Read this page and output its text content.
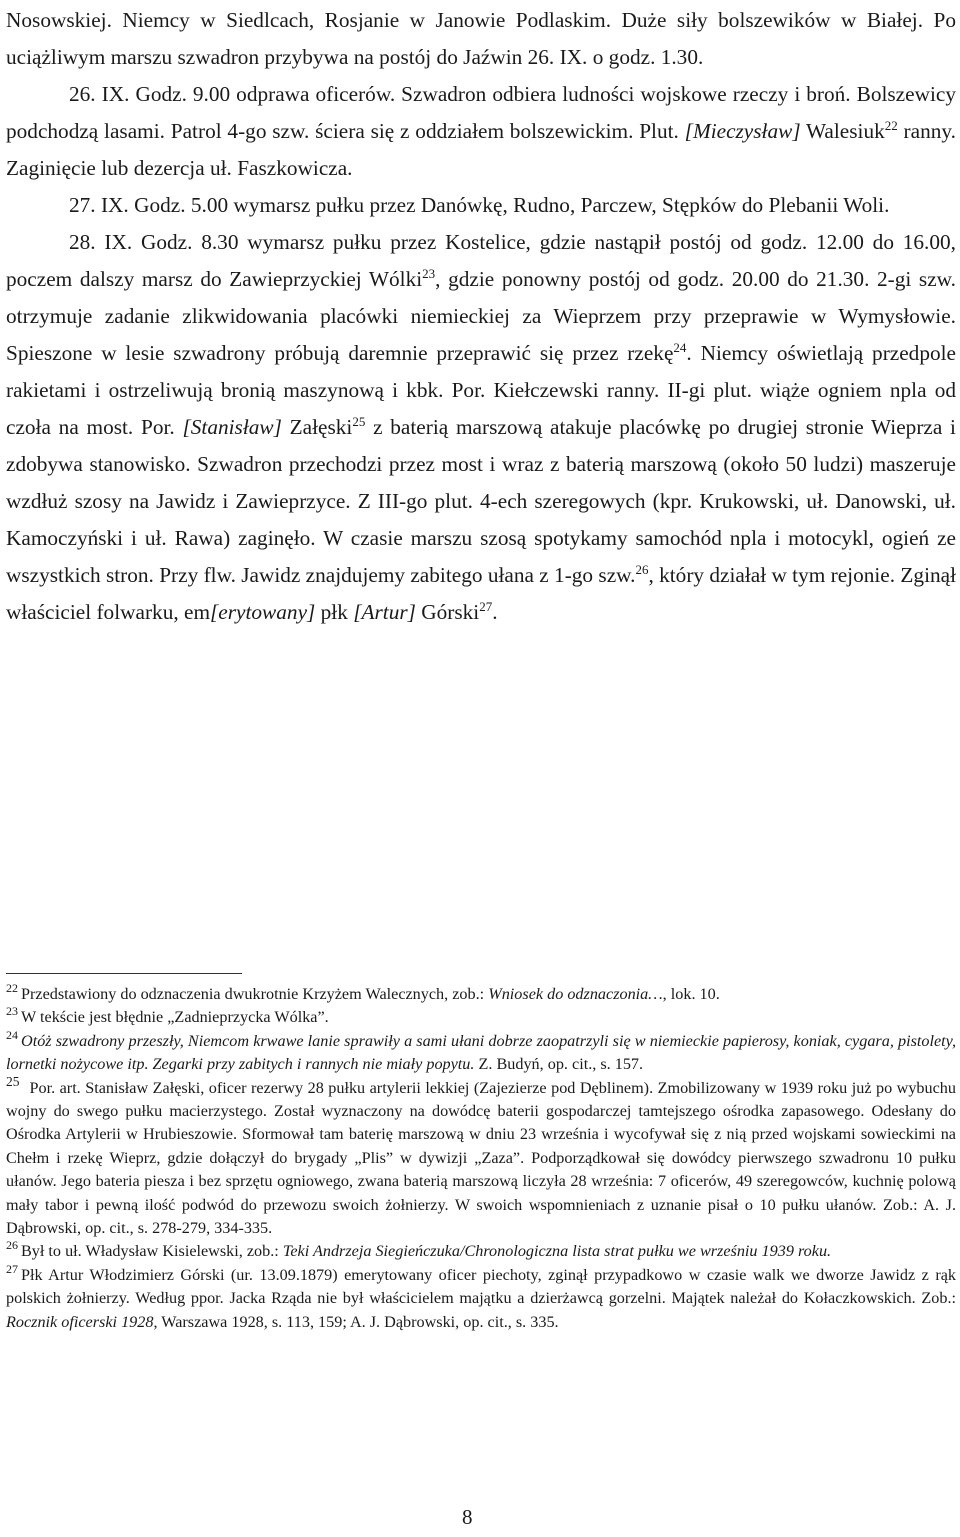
Nosowskiej. Niemcy w Siedlcach, Rosjanie w Janowie Podlaskim. Duże siły bolszewików w Białej. Po uciążliwym marszu szwadron przybywa na postój do Jaźwin 26. IX. o godz. 1.30.

26. IX. Godz. 9.00 odprawa oficerów. Szwadron odbiera ludności wojskowe rzeczy i broń. Bolszewicy podchodzą lasami. Patrol 4-go szw. ściera się z oddziałem bolszewickim. Plut. [Mieczysław] Walesiuk$^{22}$ ranny. Zaginięcie lub dezercja uł. Faszkowicza.

27. IX. Godz. 5.00 wymarsz pułku przez Danówkę, Rudno, Parczew, Stępków do Plebanii Woli.

28. IX. Godz. 8.30 wymarsz pułku przez Kostelice, gdzie nastąpił postój od godz. 12.00 do 16.00, poczem dalszy marsz do Zawieprzyckiej Wólki$^{23}$, gdzie ponowny postój od godz. 20.00 do 21.30. 2-gi szw. otrzymuje zadanie zlikwidowania placówki niemieckiej za Wieprzem przy przeprawie w Wymysłowie. Spieszone w lesie szwadrony próbują daremnie przeprawić się przez rzekę$^{24}$. Niemcy oświetlają przedpole rakietami i ostrzeliwują bronią maszynową i kbk. Por. Kiełczewski ranny. II-gi plut. wiąże ogniem npla od czoła na most. Por. [Stanisław] Załęski$^{25}$ z baterią marszową atakuje placówkę po drugiej stronie Wieprza i zdobywa stanowisko. Szwadron przechodzi przez most i wraz z baterią marszową (około 50 ludzi) maszeruje wzdłuż szosy na Jawidz i Zawieprzyce. Z III-go plut. 4-ech szeregowych (kpr. Krukowski, uł. Danowski, uł. Kamoczyński i uł. Rawa) zaginęło. W czasie marszu szosą spotykamy samochód npla i motocykl, ogień ze wszystkich stron. Przy flw. Jawidz znajdujemy zabitego ułana z 1-go szw.$^{26}$, który działał w tym rejonie. Zginął właściciel folwarku, em[erytowany] płk [Artur] Górski$^{27}$.

$^{22}$ Przedstawiony do odznaczenia dwukrotnie Krzyżem Walecznych, zob.: Wniosek do odznaczonia…, lok. 10.

$^{23}$ W tekście jest błędnie „Zadnieprzycka Wólka”.

$^{24}$ Otóż szwadrony przeszły, Niemcom krwawe lanie sprawiły a sami ułani dobrze zaopatrzyli się w niemieckie papierosy, koniak, cygara, pistolety, lornetki nożycowe itp. Zegarki przy zabitych i rannych nie miały popytu. Z. Budyń, op. cit., s. 157.

$^{25}$ Por. art. Stanisław Załęski, oficer rezerwy 28 pułku artylerii lekkiej (Zajezierze pod Dęblinem). Zmobilizowany w 1939 roku już po wybuchu wojny do swego pułku macierzystego. Został wyznaczony na dowódcę baterii gospodarczej tamtejszego ośrodka zapasowego. Odesłany do Ośrodka Artylerii w Hrubieszowie. Sformował tam baterię marszową w dniu 23 września i wycofywał się z nią przed wojskami sowieckimi na Chełm i rzekę Wieprz, gdzie dołączył do brygady „Plis” w dywizji „Zaza”. Podporządkował się dowódcy pierwszego szwadronu 10 pułku ułanów. Jego bateria piesza i bez sprzętu ogniowego, zwana baterią marszową liczyła 28 września: 7 oficerów, 49 szeregowców, kuchnię polową mały tabor i pewną ilość podwód do przewozu swoich żołnierzy. W swoich wspomnieniach z uznanie pisał o 10 pułku ułanów. Zob.: A. J. Dąbrowski, op. cit., s. 278-279, 334-335.

$^{26}$ Był to uł. Władysław Kisielewski, zob.: Teki Andrzeja Siegieńczuka/Chronologiczna lista strat pułku we wrześniu 1939 roku.

$^{27}$ Płk Artur Włodzimierz Górski (ur. 13.09.1879) emerytowany oficer piechoty, zginął przypadkowo w czasie walk we dworze Jawidz z rąk polskich żołnierzy. Według ppor. Jacka Rząda nie był właścicielem majątku a dzierżawcą gorzelni. Majątek należał do Kołaczkowskich. Zob.: Rocznik oficerski 1928, Warszawa 1928, s. 113, 159; A. J. Dąbrowski, op. cit., s. 335.

8
